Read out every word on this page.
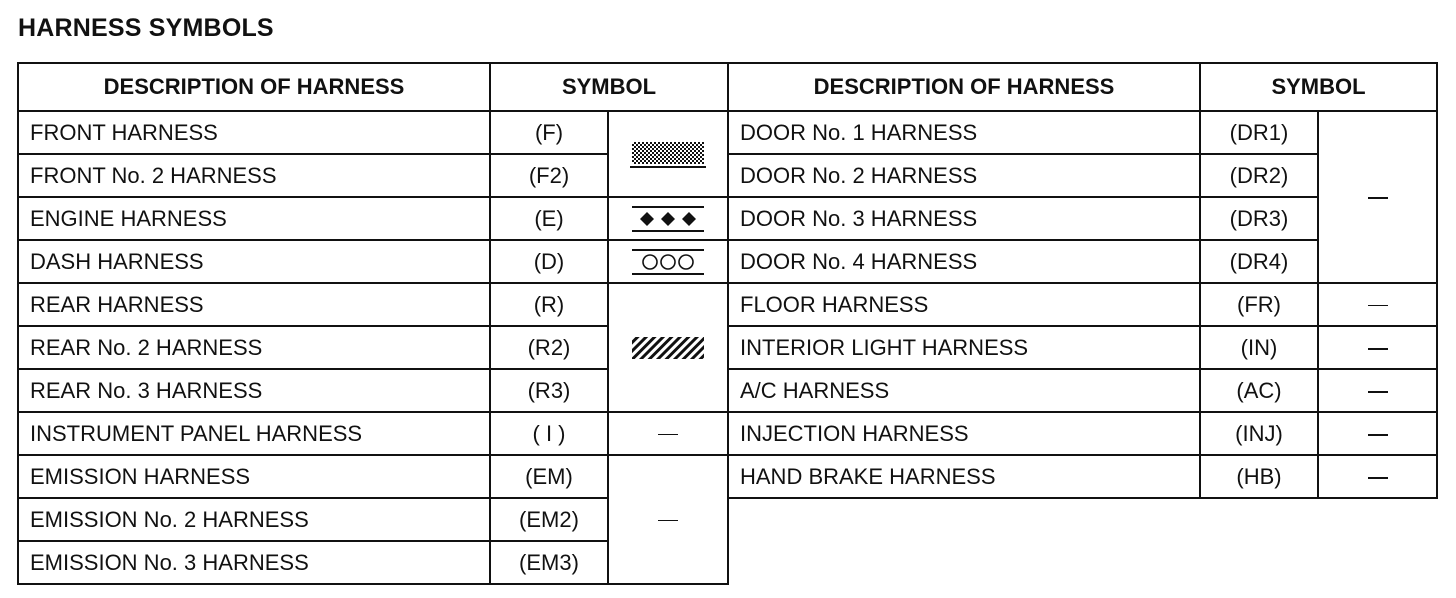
HARNESS SYMBOLS
DESCRIPTION OF HARNESS	SYMBOL	
FRONT HARNESS	(F)	
FRONT No. 2 HARNESS	(F2)	
ENGINE HARNESS	(E)	
DASH HARNESS	(D)	
REAR HARNESS	(R)	
REAR No. 2 HARNESS	(R2)	
REAR No. 3 HARNESS	(R3)	
INSTRUMENT PANEL HARNESS	( I )	
EMISSION HARNESS	(EM)	
EMISSION No. 2 HARNESS	(EM2)	
EMISSION No. 3 HARNESS	(EM3)	
DESCRIPTION OF HARNESS	SYMBOL	
DOOR No. 1 HARNESS	(DR1)	
DOOR No. 2 HARNESS	(DR2)	
DOOR No. 3 HARNESS	(DR3)	
DOOR No. 4 HARNESS	(DR4)	
FLOOR HARNESS	(FR)	
INTERIOR LIGHT HARNESS	(IN)	
A/C HARNESS	(AC)	
INJECTION HARNESS	(INJ)	
HAND BRAKE HARNESS	(HB)	
